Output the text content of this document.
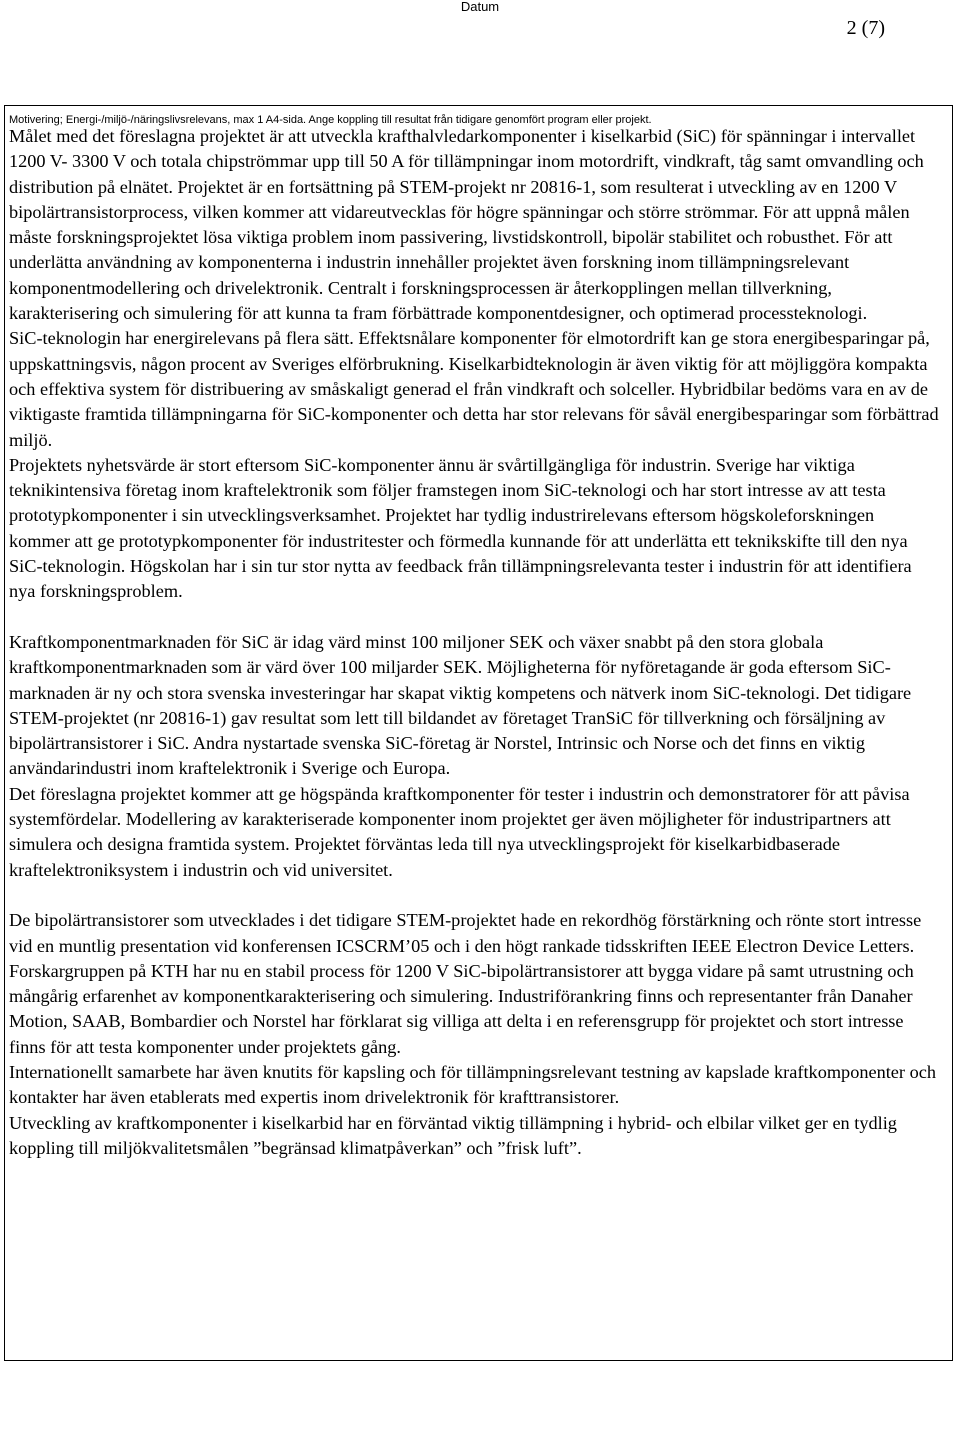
Datum
2 (7)
Motivering; Energi-/miljö-/näringslivsrelevans, max 1 A4-sida. Ange koppling till resultat från tidigare genomfört program eller projekt.

Målet med det föreslagna projektet är att utveckla krafthalvledarkomponenter i kiselkarbid (SiC) för spänningar i intervallet 1200 V- 3300 V och totala chipströmmar upp till 50 A för tillämpningar inom motordrift, vindkraft, tåg samt omvandling och distribution på elnätet. Projektet är en fortsättning på STEM-projekt nr 20816-1, som resulterat i utveckling av en 1200 V bipolärtransistorprocess, vilken kommer att vidareutvecklas för högre spänningar och större strömmar. För att uppnå målen måste forskningsprojektet lösa viktiga problem inom passivering, livstidskontroll, bipolär stabilitet och robusthet. För att underlätta användning av komponenterna i industrin innehåller projektet även forskning inom tillämpningsrelevant komponentmodellering och drivelektronik. Centralt i forskningsprocessen är återkopplingen mellan tillverkning, karakterisering och simulering för att kunna ta fram förbättrade komponentdesigner, och optimerad processteknologi.

SiC-teknologin har energirelevans på flera sätt. Effektsnålare komponenter för elmotordrift kan ge stora energibesparingar på, uppskattningsvis, någon procent av Sveriges elförbrukning. Kiselkarbidteknologin är även viktig för att möjliggöra kompakta och effektiva system för distribuering av småskaligt generad el från vindkraft och solceller. Hybridbilar bedöms vara en av de viktigaste framtida tillämpningarna för SiC-komponenter och detta har stor relevans för såväl energibesparingar som förbättrad miljö.

Projektets nyhetsvärde är stort eftersom SiC-komponenter ännu är svårtillgängliga för industrin. Sverige har viktiga teknikintensiva företag inom kraftelektronik som följer framstegen inom SiC-teknologi och har stort intresse av att testa prototypkomponenter i sin utvecklingsverksamhet. Projektet har tydlig industrirelevans eftersom högskoleforskningen kommer att ge prototypkomponenter för industritester och förmedla kunnande för att underlätta ett teknikskifte till den nya SiC-teknologin. Högskolan har i sin tur stor nytta av feedback från tillämpningsrelevanta tester i industrin för att identifiera nya forskningsproblem.

Kraftkomponentmarknaden för SiC är idag värd minst 100 miljoner SEK och växer snabbt på den stora globala kraftkomponentmarknaden som är värd över 100 miljarder SEK. Möjligheterna för nyföretagande är goda eftersom SiC-marknaden är ny och stora svenska investeringar har skapat viktig kompetens och nätverk inom SiC-teknologi. Det tidigare STEM-projektet (nr 20816-1) gav resultat som lett till bildandet av företaget TranSiC för tillverkning och försäljning av bipolärtransistorer i SiC. Andra nystartade svenska SiC-företag är Norstel, Intrinsic och Norse och det finns en viktig användarindustri inom kraftelektronik i Sverige och Europa.

Det föreslagna projektet kommer att ge högspända kraftkomponenter för tester i industrin och demonstratorer för att påvisa systemfördelar. Modellering av karakteriserade komponenter inom projektet ger även möjligheter för industripartners att simulera och designa framtida system. Projektet förväntas leda till nya utvecklingsprojekt för kiselkarbidbaserade kraftelektroniksystem i industrin och vid universitet.

De bipolärtransistorer som utvecklades i det tidigare STEM-projektet hade en rekordhög förstärkning och rönte stort intresse vid en muntlig presentation vid konferensen ICSCRM’05 och i den högt rankade tidsskriften IEEE Electron Device Letters. Forskargruppen på KTH har nu en stabil process för 1200 V SiC-bipolärtransistorer att bygga vidare på samt utrustning och mångårig erfarenhet av komponentkarakterisering och simulering. Industriförankring finns och representanter från Danaher Motion, SAAB, Bombardier och Norstel har förklarat sig villiga att delta i en referensgrupp för projektet och stort intresse finns för att testa komponenter under projektets gång.

Internationellt samarbete har även knutits för kapsling och för tillämpningsrelevant testning av kapslade kraftkomponenter och kontakter har även etablerats med expertis inom drivelektronik för krafttransistorer.

Utveckling av kraftkomponenter i kiselkarbid har en förväntad viktig tillämpning i hybrid- och elbilar vilket ger en tydlig koppling till miljökvalitetsmålen ”begränsad klimatpåverkan” och ”frisk luft”.
